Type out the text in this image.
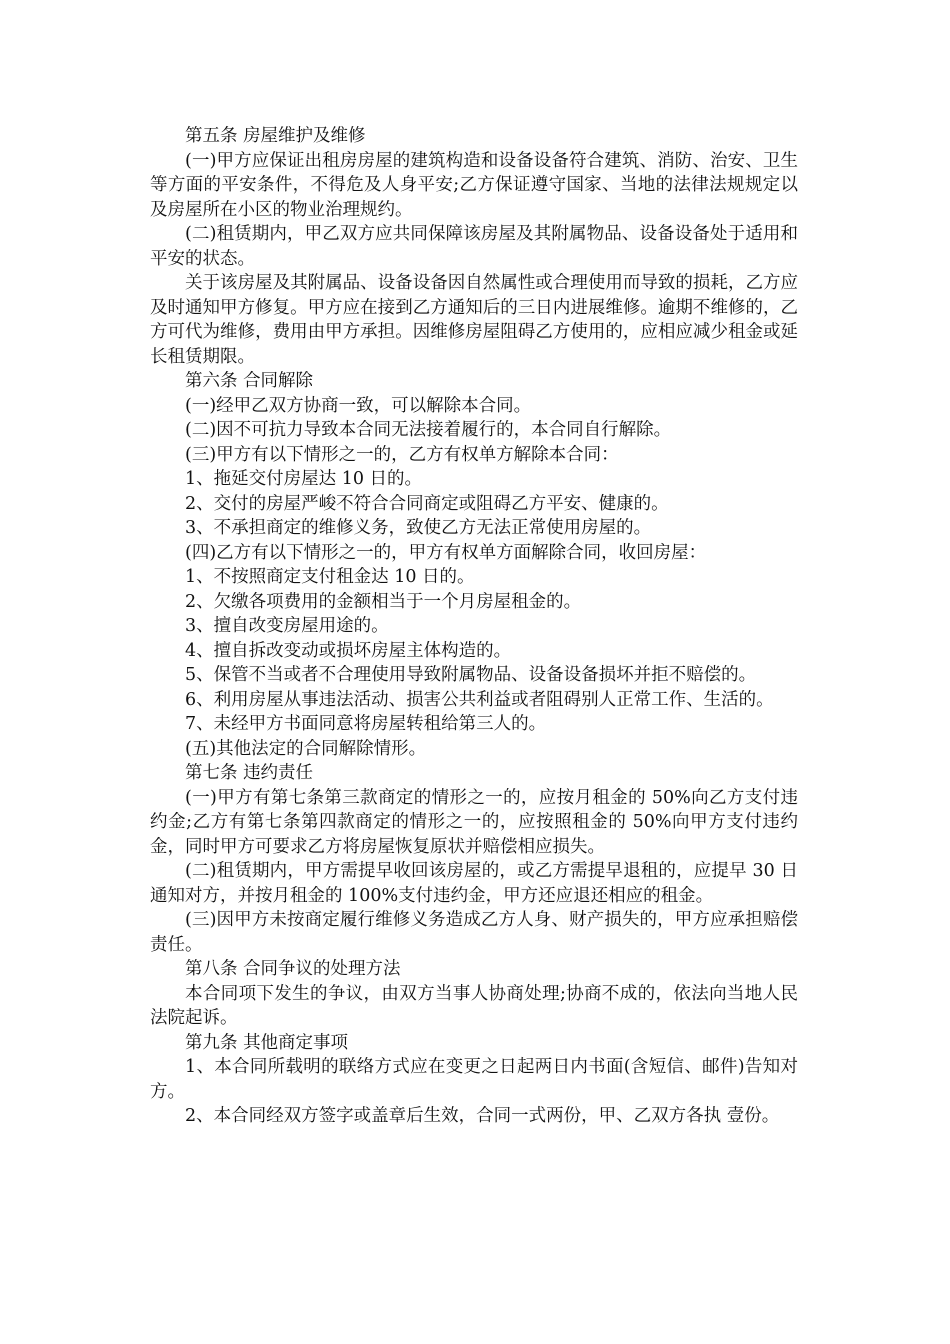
第五条 房屋维护及维修

(一)甲方应保证出租房房屋的建筑构造和设备设备符合建筑、消防、治安、卫生等方面的平安条件，不得危及人身平安;乙方保证遵守国家、当地的法律法规规定以及房屋所在小区的物业治理规约。

(二)租赁期内，甲乙双方应共同保障该房屋及其附属物品、设备设备处于适用和平安的状态。

关于该房屋及其附属品、设备设备因自然属性或合理使用而导致的损耗，乙方应及时通知甲方修复。甲方应在接到乙方通知后的三日内进展维修。逾期不维修的，乙方可代为维修，费用由甲方承担。因维修房屋阻碍乙方使用的，应相应减少租金或延长租赁期限。

第六条 合同解除

(一)经甲乙双方协商一致，可以解除本合同。

(二)因不可抗力导致本合同无法接着履行的，本合同自行解除。

(三)甲方有以下情形之一的，乙方有权单方解除本合同：

1、拖延交付房屋达 10 日的。

2、交付的房屋严峻不符合合同商定或阻碍乙方平安、健康的。

3、不承担商定的维修义务，致使乙方无法正常使用房屋的。

(四)乙方有以下情形之一的，甲方有权单方面解除合同，收回房屋：

1、不按照商定支付租金达 10 日的。

2、欠缴各项费用的金额相当于一个月房屋租金的。

3、擅自改变房屋用途的。

4、擅自拆改变动或损坏房屋主体构造的。

5、保管不当或者不合理使用导致附属物品、设备设备损坏并拒不赔偿的。

6、利用房屋从事违法活动、损害公共利益或者阻碍别人正常工作、生活的。

7、未经甲方书面同意将房屋转租给第三人的。

(五)其他法定的合同解除情形。

第七条 违约责任

(一)甲方有第七条第三款商定的情形之一的，应按月租金的 50%向乙方支付违约金;乙方有第七条第四款商定的情形之一的，应按照租金的 50%向甲方支付违约金，同时甲方可要求乙方将房屋恢复原状并赔偿相应损失。

(二)租赁期内，甲方需提早收回该房屋的，或乙方需提早退租的，应提早 30 日通知对方，并按月租金的 100%支付违约金，甲方还应退还相应的租金。

(三)因甲方未按商定履行维修义务造成乙方人身、财产损失的，甲方应承担赔偿责任。

第八条 合同争议的处理方法

本合同项下发生的争议，由双方当事人协商处理;协商不成的，依法向当地人民法院起诉。

第九条 其他商定事项

1、本合同所载明的联络方式应在变更之日起两日内书面(含短信、邮件)告知对方。

2、本合同经双方签字或盖章后生效，合同一式两份，甲、乙双方各执 壹份。
